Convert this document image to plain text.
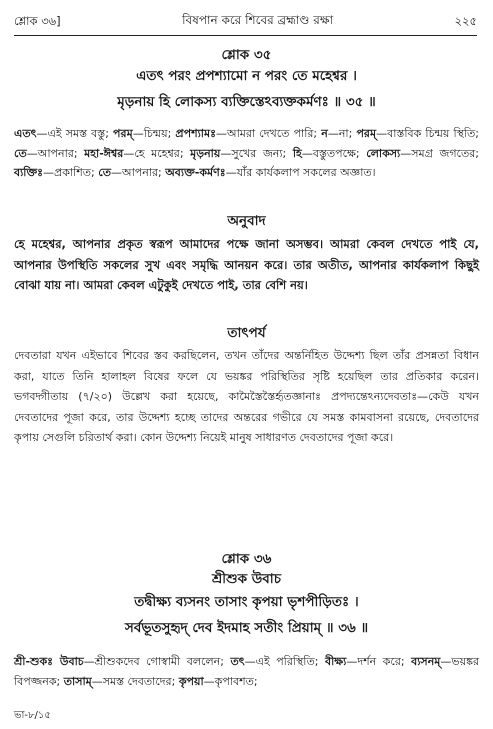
শ্লোক ৩৬]	বিষপান করে শিবের ব্রহ্মাণ্ড রক্ষা	২২৫
শ্লোক ৩৫
এতৎ পরং প্রপশ্যামো ন পরং তে মহেশ্বর ।
মৃড়নায় হি লোকস্য ব্যক্তিস্তেঽব্যক্তকর্মণঃ ॥ ৩৫ ॥

এতৎ—এই সমস্ত বস্তু; পরম্—চিন্ময়; প্রপশ্যামঃ—আমরা দেখতে পারি; ন—না; পরম্—বাস্তবিক চিন্ময় স্থিতি; তে—আপনার; মহা-ঈশ্বর—হে মহেশ্বর; মৃড়নায়—সুখের জন্য; হি—বস্তুতপক্ষে; লোকস্য—সমগ্র জগতের; ব্যক্তিঃ—প্রকাশিত; তে—আপনার; অব্যক্ত-কর্মণঃ—যাঁর কার্যকলাপ সকলের অজ্ঞাত।

অনুবাদ
হে মহেশ্বর, আপনার প্রকৃত স্বরূপ আমাদের পক্ষে জানা অসম্ভব। আমরা কেবল দেখতে পাই যে, আপনার উপস্থিতি সকলের সুখ এবং সমৃদ্ধি আনয়ন করে। তার অতীত, আপনার কার্যকলাপ কিছুই বোঝা যায় না। আমরা কেবল এটুকুই দেখতে পাই, তার বেশি নয়।
তাৎপর্য
দেবতারা যখন এইভাবে শিবের স্তব করছিলেন, তখন তাঁদের অন্তর্নিহিত উদ্দেশ্য ছিল তাঁর প্রসন্নতা বিধান করা, যাতে তিনি হালাহল বিষের ফলে যে ভয়ঙ্কর পরিস্থিতির সৃষ্টি হয়েছিল তার প্রতিকার করেন। ভগবদ্গীতায় (৭/২০) উল্লেখ করা হয়েছে, কামৈস্তৈস্তৈর্হৃতজ্ঞানাঃ প্রপদ্যন্তেঽন্যদেবতাঃ—কেউ যখন দেবতাদের পূজা করে, তার উদ্দেশ্য হচ্ছে তাদের অন্তরের গভীরে যে সমস্ত কামবাসনা রয়েছে, দেবতাদের কৃপায় সেগুলি চরিতার্থ করা। কোন উদ্দেশ্য নিয়েই মানুষ সাধারণত দেবতাদের পূজা করে।
শ্লোক ৩৬
শ্রীশুক উবাচ
তদ্বীক্ষ্য ব্যসনং তাসাং কৃপয়া ভৃশপীড়িতঃ ।
সর্বভূতসুহৃদ্ দেব ইদমাহ সতীং প্রিয়াম্ ॥ ৩৬ ॥

শ্রী-শুকঃ উবাচ—শ্রীশুকদেব গোস্বামী বললেন; তৎ—এই পরিস্থিতি; বীক্ষ্য—দর্শন করে; ব্যসনম্—ভয়ঙ্কর বিপজ্জনক; তাসাম্—সমস্ত দেবতাদের; কৃপয়া—কৃপাবশত;

ভা-৮/১৫
